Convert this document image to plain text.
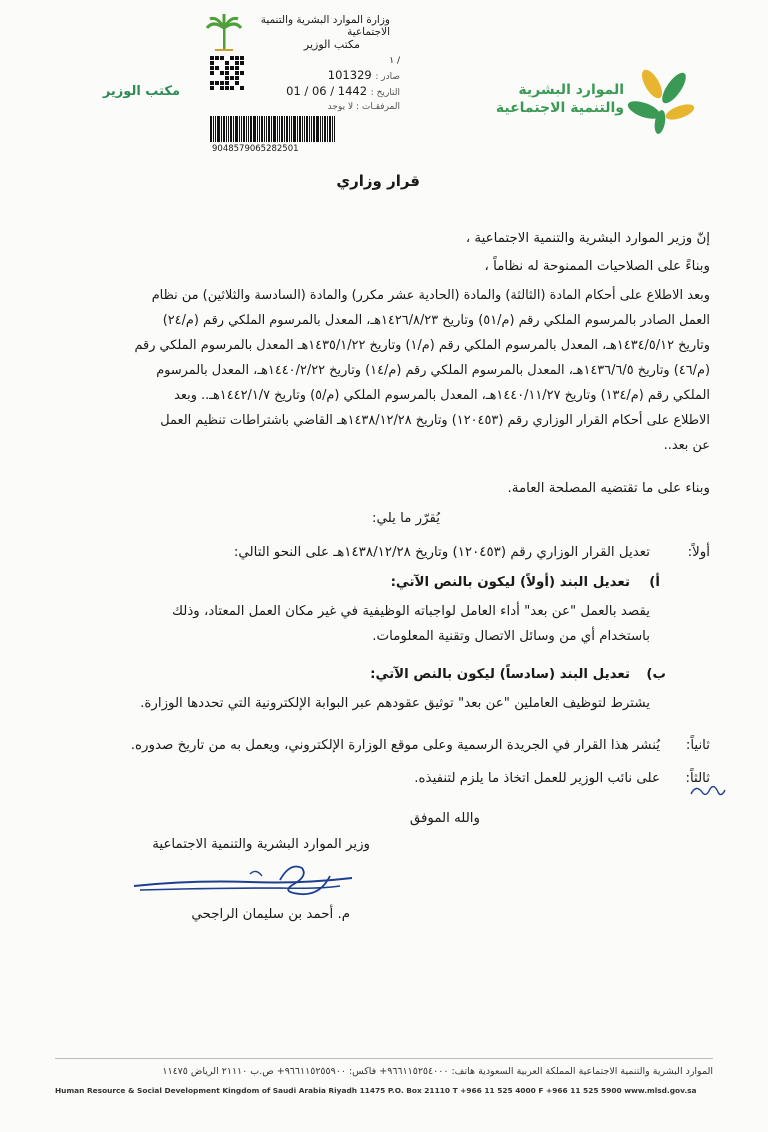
مكتب الوزير
وزارة الموارد البشرية والتنمية الاجتماعية
مكتب الوزير
١ /
صادر : 101329
التاريخ : 1442 / 06 / 01
المرفقـات : لا يوجد
9048579065282501
الموارد البشرية
والتنمية الاجتماعية
قرار وزاري
إنّ وزير الموارد البشرية والتنمية الاجتماعية ،
وبناءً على الصلاحيات الممنوحة له نظاماً ،
وبعد الاطلاع على أحكام المادة (الثالثة) والمادة (الحادية عشر مكرر) والمادة (السادسة والثلاثين) من نظام
العمل الصادر بالمرسوم الملكي رقم (م/٥١) وتاريخ ١٤٢٦/٨/٢٣هـ، المعدل بالمرسوم الملكي رقم (م/٢٤)
وتاريخ ١٤٣٤/٥/١٢هـ، المعدل بالمرسوم الملكي رقم (م/١) وتاريخ ١٤٣٥/١/٢٢هـ المعدل بالمرسوم الملكي رقم
(م/٤٦) وتاريخ ١٤٣٦/٦/٥هـ، المعدل بالمرسوم الملكي رقم (م/١٤) وتاريخ ١٤٤٠/٢/٢٢هـ، المعدل بالمرسوم
الملكي رقم (م/١٣٤) وتاريخ ١٤٤٠/١١/٢٧هـ، المعدل بالمرسوم الملكي (م/٥) وتاريخ ١٤٤٢/١/٧هـ.. وبعد
الاطلاع على أحكام القرار الوزاري رقم (١٢٠٤٥٣) وتاريخ ١٤٣٨/١٢/٢٨هـ القاضي باشتراطات تنظيم العمل
عن بعد..
وبناء على ما تقتضيه المصلحة العامة.
يُقرّر ما يلي:
أولاً:
تعديل القرار الوزاري رقم (١٢٠٤٥٣) وتاريخ ١٤٣٨/١٢/٢٨هـ على النحو التالي:
أ)
تعديل البند (أولاً) ليكون بالنص الآتي:
يقصد بالعمل "عن بعد" أداء العامل لواجباته الوظيفية في غير مكان العمل المعتاد، وذلك
باستخدام أي من وسائل الاتصال وتقنية المعلومات.
ب)
تعديل البند (سادساً) ليكون بالنص الآتي:
يشترط لتوظيف العاملين "عن بعد" توثيق عقودهم عبر البوابة الإلكترونية التي تحددها الوزارة.
ثانياً:
يُنشر هذا القرار في الجريدة الرسمية وعلى موقع الوزارة الإلكتروني، ويعمل به من تاريخ صدوره.
ثالثاً:
على نائب الوزير للعمل اتخاذ ما يلزم لتنفيذه.
والله الموفق
وزير الموارد البشرية والتنمية الاجتماعية
م. أحمد بن سليمان الراجحي
الموارد البشرية والتنمية الاجتماعية المملكة العربية السعودية هاتف: ٩٦٦١١٥٢٥٤٠٠٠+ فاكس: ٩٦٦١١٥٢٥٥٩٠٠+ ص.ب ٢١١١٠ الرياض ١١٤٧٥
Human Resource & Social Development Kingdom of Saudi Arabia Riyadh 11475 P.O. Box 21110 T +966 11 525 4000 F +966 11 525 5900 www.mlsd.gov.sa
